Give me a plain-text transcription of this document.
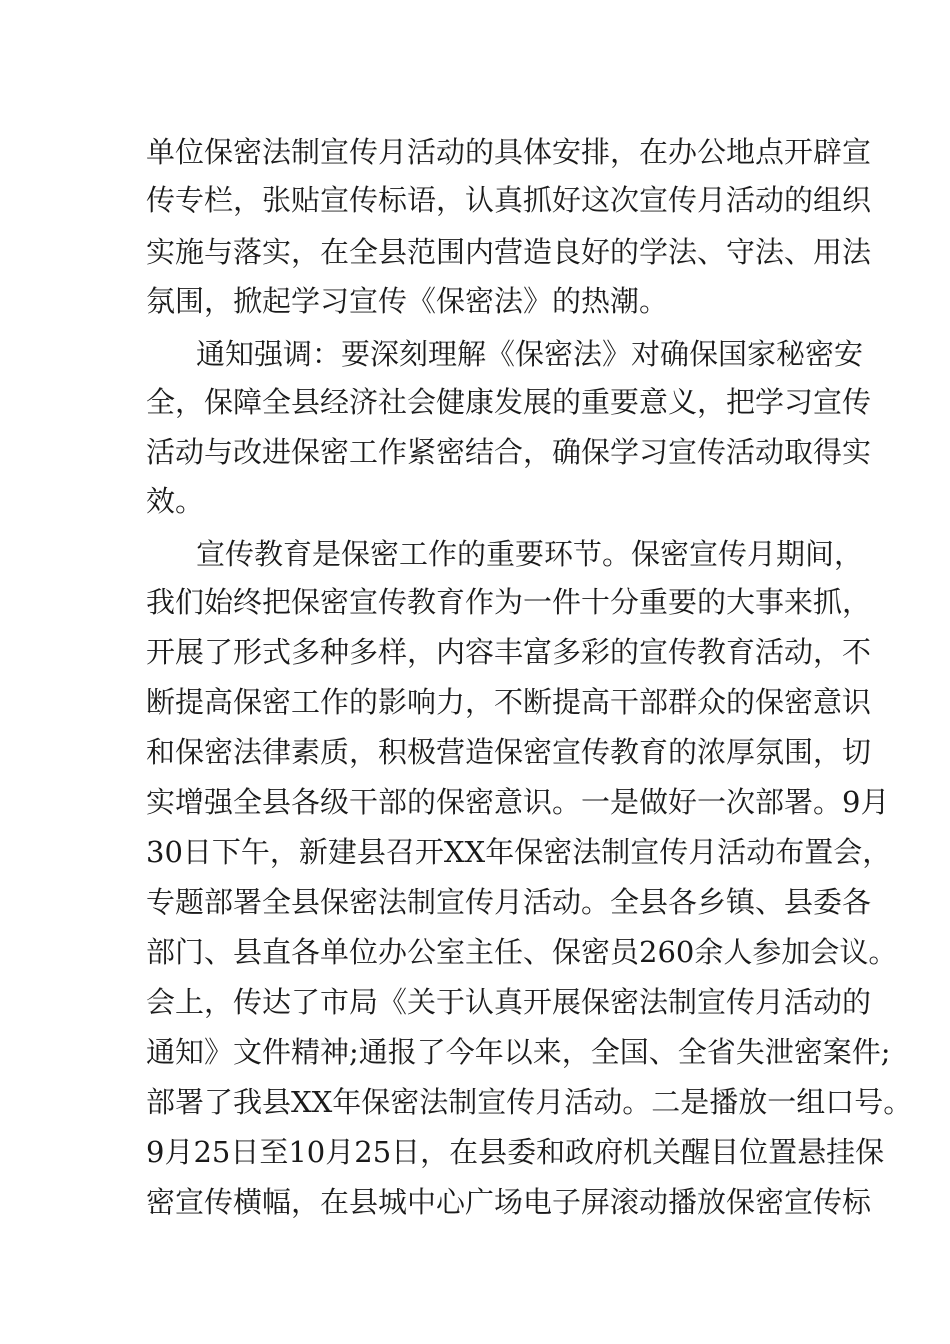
单位保密法制宣传月活动的具体安排，在办公地点开辟宣

传专栏，张贴宣传标语，认真抓好这次宣传月活动的组织

实施与落实，在全县范围内营造良好的学法、守法、用法

氛围，掀起学习宣传《保密法》的热潮。

通知强调：要深刻理解《保密法》对确保国家秘密安

全，保障全县经济社会健康发展的重要意义，把学习宣传

活动与改进保密工作紧密结合，确保学习宣传活动取得实

效。

宣传教育是保密工作的重要环节。保密宣传月期间，

我们始终把保密宣传教育作为一件十分重要的大事来抓，

开展了形式多种多样，内容丰富多彩的宣传教育活动，不

断提高保密工作的影响力，不断提高干部群众的保密意识

和保密法律素质，积极营造保密宣传教育的浓厚氛围，切

实增强全县各级干部的保密意识。一是做好一次部署。9月

30日下午，新建县召开XX年保密法制宣传月活动布置会，

专题部署全县保密法制宣传月活动。全县各乡镇、县委各

部门、县直各单位办公室主任、保密员260余人参加会议。

会上，传达了市局《关于认真开展保密法制宣传月活动的

通知》文件精神;通报了今年以来，全国、全省失泄密案件;

部署了我县XX年保密法制宣传月活动。二是播放一组口号。

9月25日至10月25日，在县委和政府机关醒目位置悬挂保

密宣传横幅，在县城中心广场电子屏滚动播放保密宣传标
